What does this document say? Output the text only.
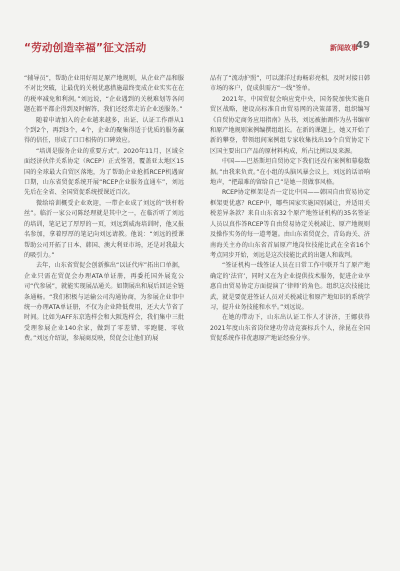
“劳动创造幸福”征文活动	新闻故事
49

“辅导员”，帮助企业用好用足原产地规则，从企业产品和服不对比突破，让最优的关税优惠措施最终变成企业实实在在的税率减免和利润。”刘远说，“企业遇到的关税难划等各问题在都平都企得到及时解答，我们还经常走访企业送服务。”

随着申请加入的企业越来越多，出证、认证工作群从1个到2个，再到3个，4个，企业的聚集得适于优质的服务贏得的信任，形成了口口相传的口碑效应。

“培训是服务企业的重要方式”。2020年11月，区域全面经济伙伴关系协定（RCEP）正式签署，覆盖亚太地区15国的全球最大自贸区落地，为了帮助企业抢抓RCEP机遇窗口期，山东省贸促系统开展“RCEP企业服务直通车”，刘远先后在全省、全国贸促系统授课近百次。

微给培训概受企业欢迎，一带企业成了刘远的“铁杆粉丝”。临沂一家公司陈经理就是其中之一，在临沂听了刘远的培训，笔记记了厚厚的一页，刘远到威海培训时，他又报名参加，拿着厚厚的笔记向刘远请教。他说：“刘远的授课帮助公司开拓了日本、韩国、澳大利亚市场，还是对我最大的吸引力。”

去年，山东省贸促会创新推出“以证代库”拓出口单据，企业只需在贸促会办理ATA单证册，再委托国外展览公司“代参展”，就能实现展品通关。如期展出和展后回运全链条通畅。“我们积极与运输公司沟通协商，为参展企业事中统一办理ATA单证册，不仅为企业降低费用，还大大节省了时间。比如为AFF东京选样会和大阪选样会，我们集中三批受理参展企业140余家，做到了零差错、零跑腿、零收费。”刘远介绍说，参展商反映，贸促会让他们的展

品有了“流动护照”，可以潇洋过海畅彩亮相，及时对接日韩市场的客户，促成供需方“一线”签单。

2021年，中国贸促会响应党中央，国务院加快实施自贸区战略，建设高标准自由贸易网的决策部署，组织编写《自贸协定商务应用指南》丛书，刘远被抽调作为丛书编审和原产地规则案例编撰组组长。在新的课题上，她又开始了新的攀登，带领组间案例组专家收集找出19个自贸协定下区国主要出口产品的原材料构成，所占比例以及来源。

中国——巴基斯坦自贸协定下我们还没有案例和幕稳数据。”由我来负责。”在小组的头脑风暴会议上，刘远的话语响地声，“把最难的留给自己”是她一贯做事风格。

RCEP协定框架是否一定比中国——韩国自由贸易协定框架更优惠？RCEP中，哪些国家实施国别减让，并适用关税差异条款？来自山东省32个原产地签证机构的35名签证人员以真作答RCEP等自由贸易协定关税减让、原产地规则及操作实务的每一道考题。由山东省贸促会，青岛海关、济南海关主办的山东省首届原产地岗位技能比武在全省16个考点同步开始，刘远是这次技能比武的出题人和裁判。

“签证机构一线签证人员在日常工作中联开当了原产地确定的‘法官’，同时又在为企业提供技术服务，促进企业享惠自由贸易协定方面提演了‘律师’的角色。组织这次技能比武，就是要促进签证人员对关税减让和原产地知识的系统学习，提升业务技能和水平。”刘远说。

在她的带动下，山东出认证工作人才济济，王娜获得2021年度山东省岗位建功劳动竞赛标兵个人，徐昆在全国贸促系统作非优惠原产地证经验分享。
